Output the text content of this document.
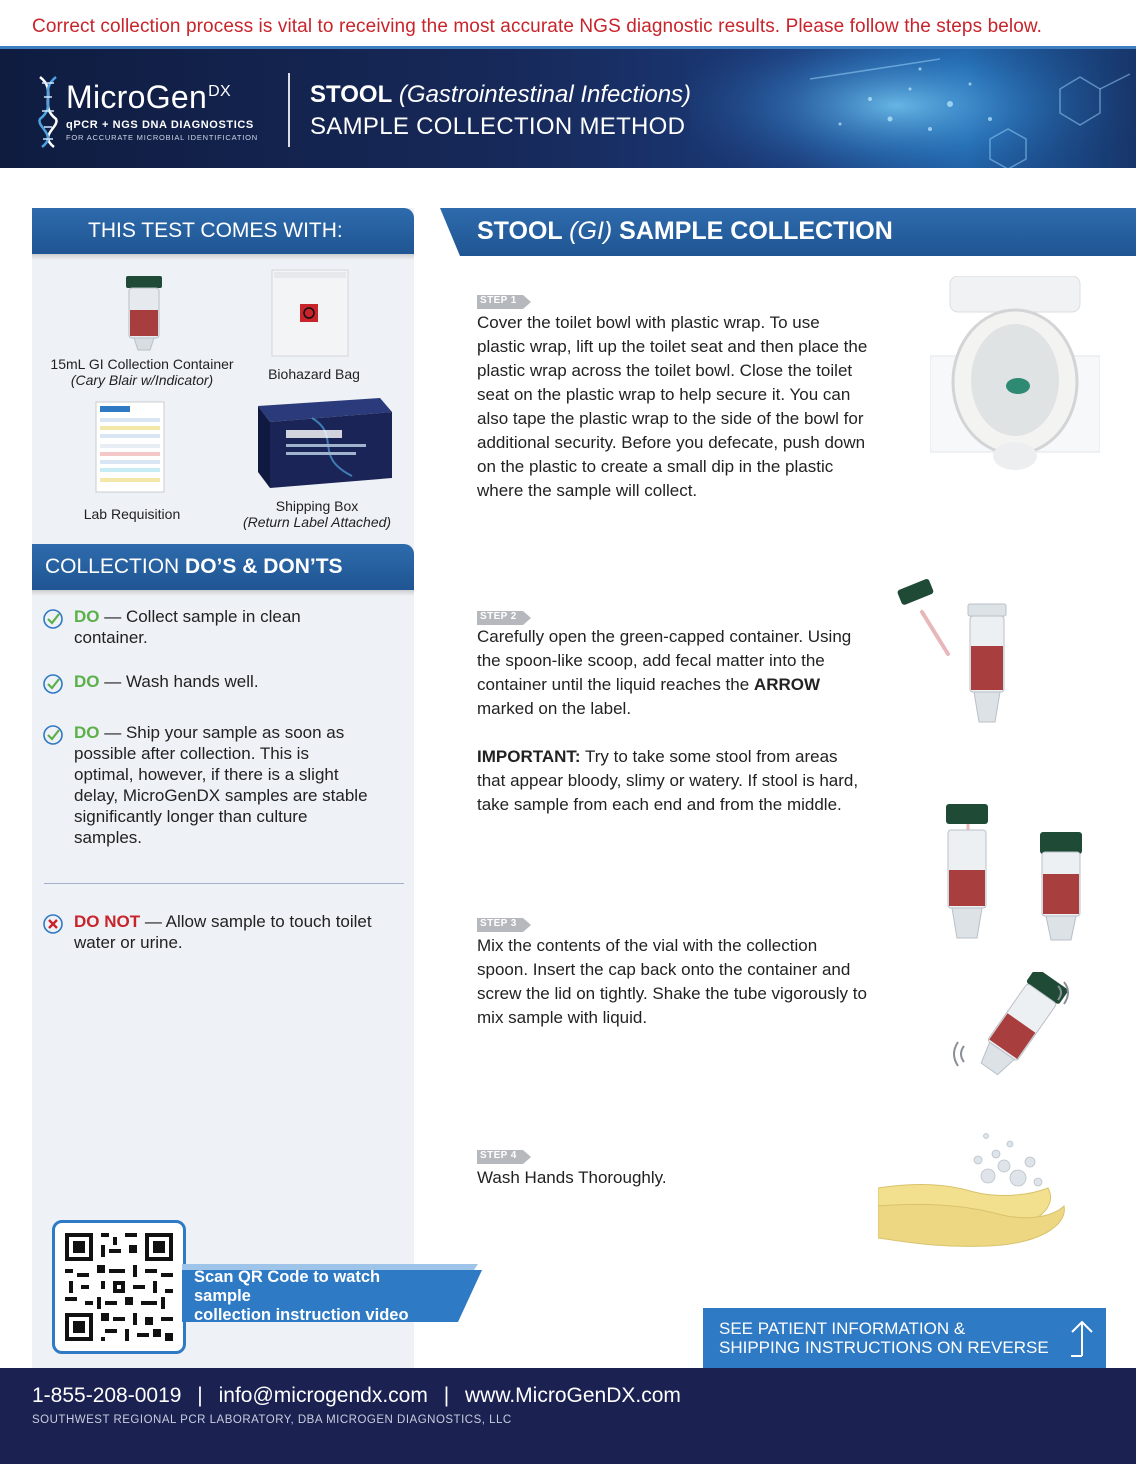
Correct collection process is vital to receiving the most accurate NGS diagnostic results. Please follow the steps below.
MicroGen$^{DX}$
qPCR + NGS DNA DIAGNOSTICS
FOR ACCURATE MICROBIAL IDENTIFICATION
STOOL (Gastrointestinal Infections)
SAMPLE COLLECTION METHOD
THIS TEST COMES WITH:
15mL GI Collection Container
(Cary Blair w/Indicator)	Biohazard Bag
Lab Requisition	Shipping Box
(Return Label Attached)
COLLECTION DO’S & DON’TS
DO — Collect sample in clean container.
DO — Wash hands well.
DO — Ship your sample as soon as possible after collection. This is optimal, however, if there is a slight delay, MicroGenDX samples are stable significantly longer than culture samples.
DO NOT — Allow sample to touch toilet water or urine.
Scan QR Code to watch sample
collection instruction video
STOOL (GI) SAMPLE COLLECTION
STEP 1
Cover the toilet bowl with plastic wrap. To use plastic wrap, lift up the toilet seat and then place the plastic wrap across the toilet bowl. Close the toilet seat on the plastic wrap to help secure it. You can also tape the plastic wrap to the side of the bowl for additional security. Before you defecate, push down on the plastic to create a small dip in the plastic where the sample will collect.
STEP 2
Carefully open the green-capped container. Using the spoon-like scoop, add fecal matter into the container until the liquid reaches the ARROW marked on the label.

IMPORTANT: Try to take some stool from areas that appear bloody, slimy or watery. If stool is hard, take sample from each end and from the middle.
STEP 3
Mix the contents of the vial with the collection spoon. Insert the cap back onto the container and screw the lid on tightly. Shake the tube vigorously to mix sample with liquid.
STEP 4
Wash Hands Thoroughly.
SEE PATIENT INFORMATION &
SHIPPING INSTRUCTIONS ON REVERSE
1-855-208-0019 | info@microgendx.com | www.MicroGenDX.com
SOUTHWEST REGIONAL PCR LABORATORY, DBA MICROGEN DIAGNOSTICS, LLC
